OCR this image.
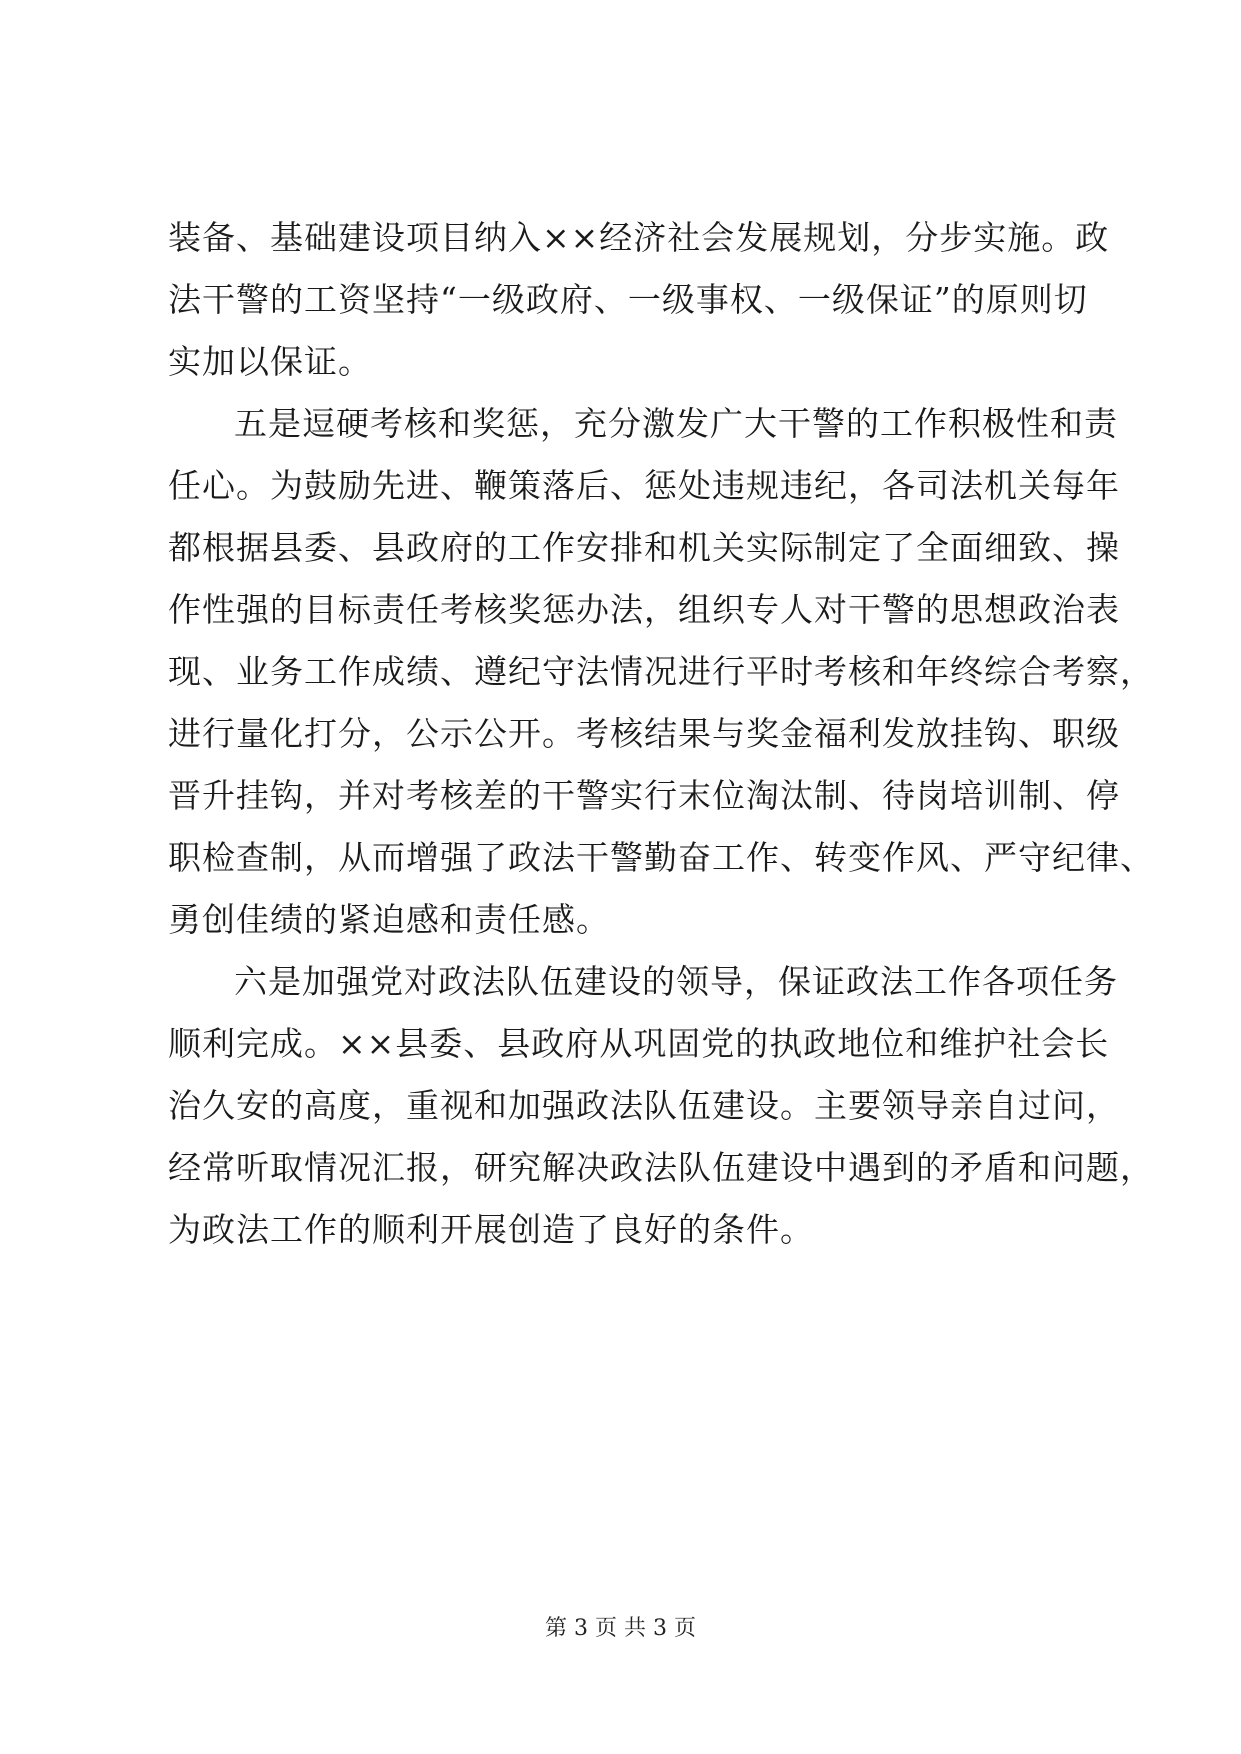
装备、基础建设项目纳入××经济社会发展规划，分步实施。政
法干警的工资坚持“一级政府、一级事权、一级保证”的原则切
实加以保证。
五是逗硬考核和奖惩，充分激发广大干警的工作积极性和责
任心。为鼓励先进、鞭策落后、惩处违规违纪，各司法机关每年
都根据县委、县政府的工作安排和机关实际制定了全面细致、操
作性强的目标责任考核奖惩办法，组织专人对干警的思想政治表
现、业务工作成绩、遵纪守法情况进行平时考核和年终综合考察，
进行量化打分，公示公开。考核结果与奖金福利发放挂钩、职级
晋升挂钩，并对考核差的干警实行末位淘汰制、待岗培训制、停
职检查制，从而增强了政法干警勤奋工作、转变作风、严守纪律、
勇创佳绩的紧迫感和责任感。
六是加强党对政法队伍建设的领导，保证政法工作各项任务
顺利完成。××县委、县政府从巩固党的执政地位和维护社会长
治久安的高度，重视和加强政法队伍建设。主要领导亲自过问，
经常听取情况汇报，研究解决政法队伍建设中遇到的矛盾和问题，
为政法工作的顺利开展创造了良好的条件。
第 3 页 共 3 页
